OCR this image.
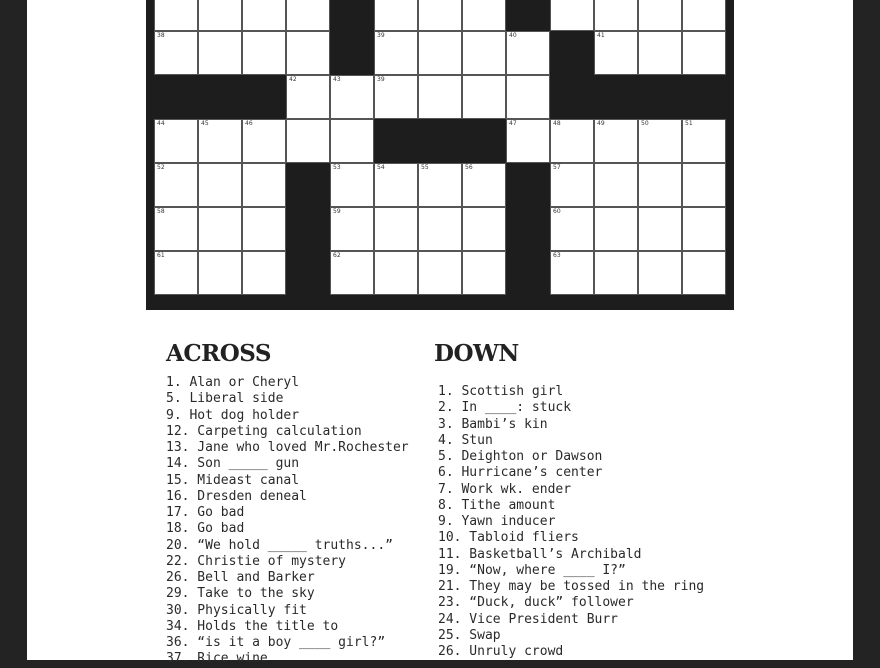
38	39	40	41
42	43	39
44	45	46	47	48	49	50	51
52	53	54	55	56	57
58	59	60
61	62	63
ACROSS
1. Alan or Cheryl
5. Liberal side
9. Hot dog holder
12. Carpeting calculation
13. Jane who loved Mr.Rochester
14. Son _____ gun
15. Mideast canal
16. Dresden deneal
17. Go bad
18. Go bad
20. “We hold _____ truths...”
22. Christie of mystery
26. Bell and Barker
29. Take to the sky
30. Physically fit
34. Holds the title to
36. “is it a boy ____ girl?”
37. Rice wine
DOWN
1. Scottish girl
2. In ____: stuck
3. Bambi’s kin
4. Stun
5. Deighton or Dawson
6. Hurricane’s center
7. Work wk. ender
8. Tithe amount
9. Yawn inducer
10. Tabloid fliers
11. Basketball’s Archibald
19. “Now, where ____ I?”
21. They may be tossed in the ring
23. “Duck, duck” follower
24. Vice President Burr
25. Swap
26. Unruly crowd
